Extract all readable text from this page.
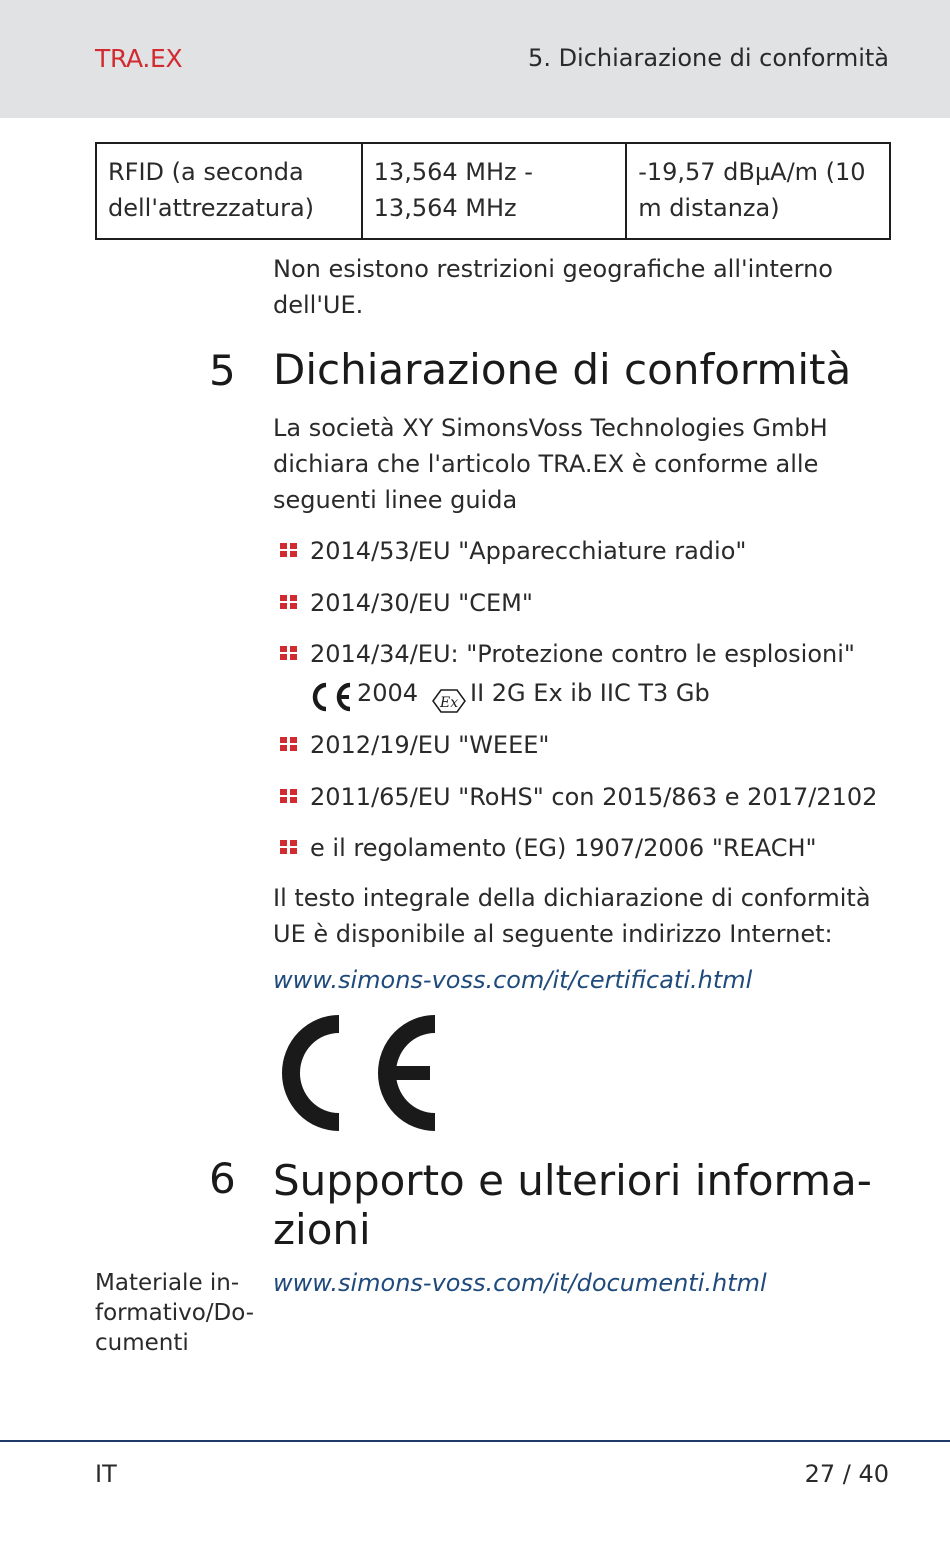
TRA.EX	5. Dichiarazione di conformità
RFID (a seconda dell'attrezzatura)	13,564 MHz - 13,564 MHz	-19,57 dBµA/m (10 m distanza)
Non esistono restrizioni geografiche all'interno dell'UE.
5 Dichiarazione di conformità
La società XY SimonsVoss Technologies GmbH dichiara che l'articolo TRA.EX è conforme alle seguenti linee guida
2014/53/EU "Apparecchiature radio"
2014/30/EU "CEM"
2014/34/EU: "Protezione contro le esplosioni"
2012/19/EU "WEEE"
2011/65/EU "RoHS" con 2015/863 e 2017/2102
e il regolamento (EG) 1907/2006 "REACH"
2004 Ex II 2G Ex ib IIC T3 Gb
Il testo integrale della dichiarazione di conformità UE è disponibile al seguente indirizzo Internet:
www.simons-voss.com/it/certificati.html
6 Supporto e ulteriori informa-
zioni
Materiale in- formativo/Do- cumenti
www.simons-voss.com/it/documenti.html
IT	27 / 40
